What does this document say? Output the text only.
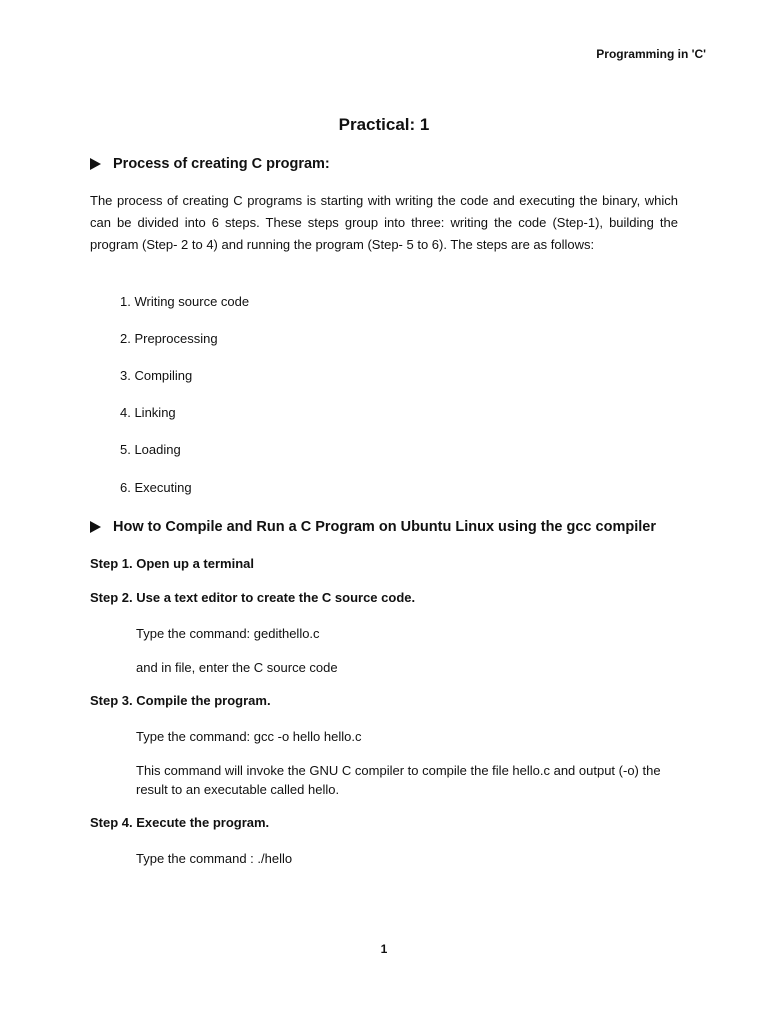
Programming in 'C'
Practical: 1
Process of creating C program:
The process of creating C programs is starting with writing the code and executing the binary, which can be divided into 6 steps. These steps group into three: writing the code (Step-1), building the program (Step- 2 to 4) and running the program (Step- 5 to 6). The steps are as follows:
1. Writing source code
2. Preprocessing
3. Compiling
4. Linking
5. Loading
6. Executing
How to Compile and Run a C Program on Ubuntu Linux using the gcc compiler
Step 1. Open up a terminal
Step 2. Use a text editor to create the C source code.
Type the command: gedithello.c
and in file, enter the C source code
Step 3. Compile the program.
Type the command: gcc -o hello hello.c
This command will invoke the GNU C compiler to compile the file hello.c and output (-o) the result to an executable called hello.
Step 4. Execute the program.
Type the command : ./hello
1
